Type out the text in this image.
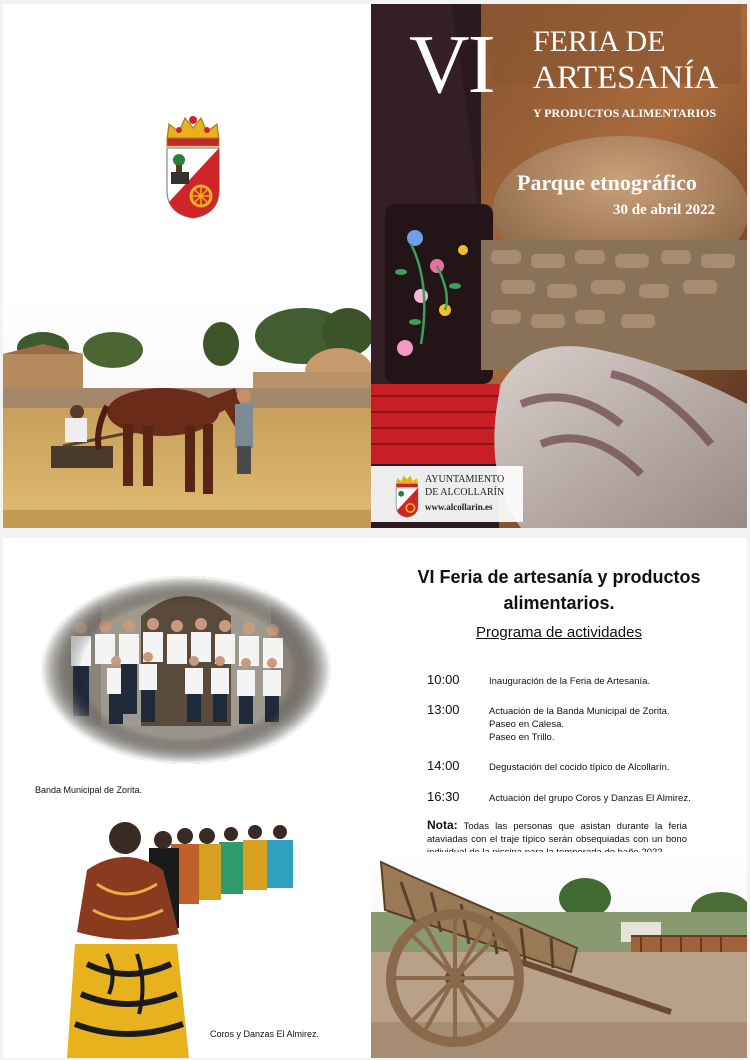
VI FERIA DE
ARTESANÍA
Y PRODUCTOS ALIMENTARIOS
Parque etnográfico
30 de abril 2022
AYUNTAMIENTO
DE ALCOLLARÍN
www.alcollarin.es
Banda Municipal de Zorita.
Coros y Danzas El Almirez.
VI Feria de artesanía y productos alimentarios.
Programa de actividades
10:00	Inauguración de la Feria de Artesanía.
13:00	Actuación de la Banda Municipal de Zorita.
Paseo en Calesa.
Paseo en Trillo.
14:00	Degustación del cocido típico de Alcollarín.
16:30	Actuación del grupo Coros y Danzas El Almirez.
Nota: Todas las personas que asistan durante la feria ataviadas con el traje típico serán obsequiadas con un bono
